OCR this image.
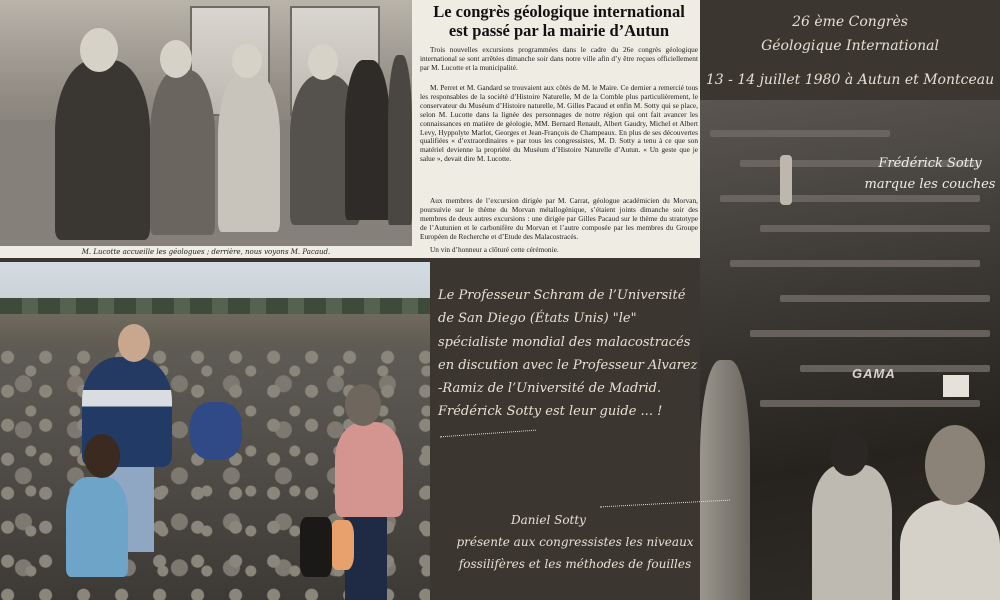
M. Lucotte accueille les géologues ; derrière, nous voyons M. Pacaud.
Le congrès géologique international
est passé par la mairie d’Autun
Trois nouvelles excursions programmées dans le cadre du 26e congrès géologique international se sont arrêtées dimanche soir dans notre ville afin d’y être reçues officiellement par M. Lucotte et la municipalité.
M. Perret et M. Gandard se trouvaient aux côtés de M. le Maire. Ce dernier a remercié tous les responsables de la société d’Histoire Naturelle, M de la Comble plus particulièrement, le conservateur du Muséum d’Histoire naturelle, M. Gilles Pacaud et enfin M. Sotty qui se place, selon M. Lucotte dans la lignée des personnages de notre région qui ont fait avancer les connaissances en matière de géologie, MM. Bernard Renault, Albert Gaudry, Michel et Albert Levy, Hyppolyte Marlot, Georges et Jean-François de Champeaux. En plus de ses découvertes qualifiées « d’extraordinaires » par tous les congressistes, M. D. Sotty a tenu à ce que son matériel devienne la propriété du Muséum d’Histoire Naturelle d’Autun. « Un geste que je salue », devait dire M. Lucotte.
Aux membres de l’excursion dirigée par M. Carrat, géologue académicien du Morvan, poursuivie sur le thème du Morvan métallogénique, s’étaient joints dimanche soir des membres de deux autres excursions : une dirigée par Gilles Pacaud sur le thème du stratotype de l’Autunien et le carbonifère du Morvan et l’autre composée par les membres du Groupe Européen de Recherche et d’Etude des Malacostracés.
Un vin d’honneur a clôturé cette cérémonie.
26 ème Congrès
Géologique International
13 - 14 juillet 1980 à Autun et Montceau
Frédérick Sotty
marque les couches
GAMA
Le Professeur Schram de l’Université
de San Diego (États Unis) "le"
spécialiste mondial des malacostracés
en discution avec le Professeur Alvarez
-Ramiz de l’Université de Madrid.
Frédérick Sotty est leur guide ... !
Daniel Sotty
présente aux congressistes les niveaux
fossilifères et les méthodes de fouilles
